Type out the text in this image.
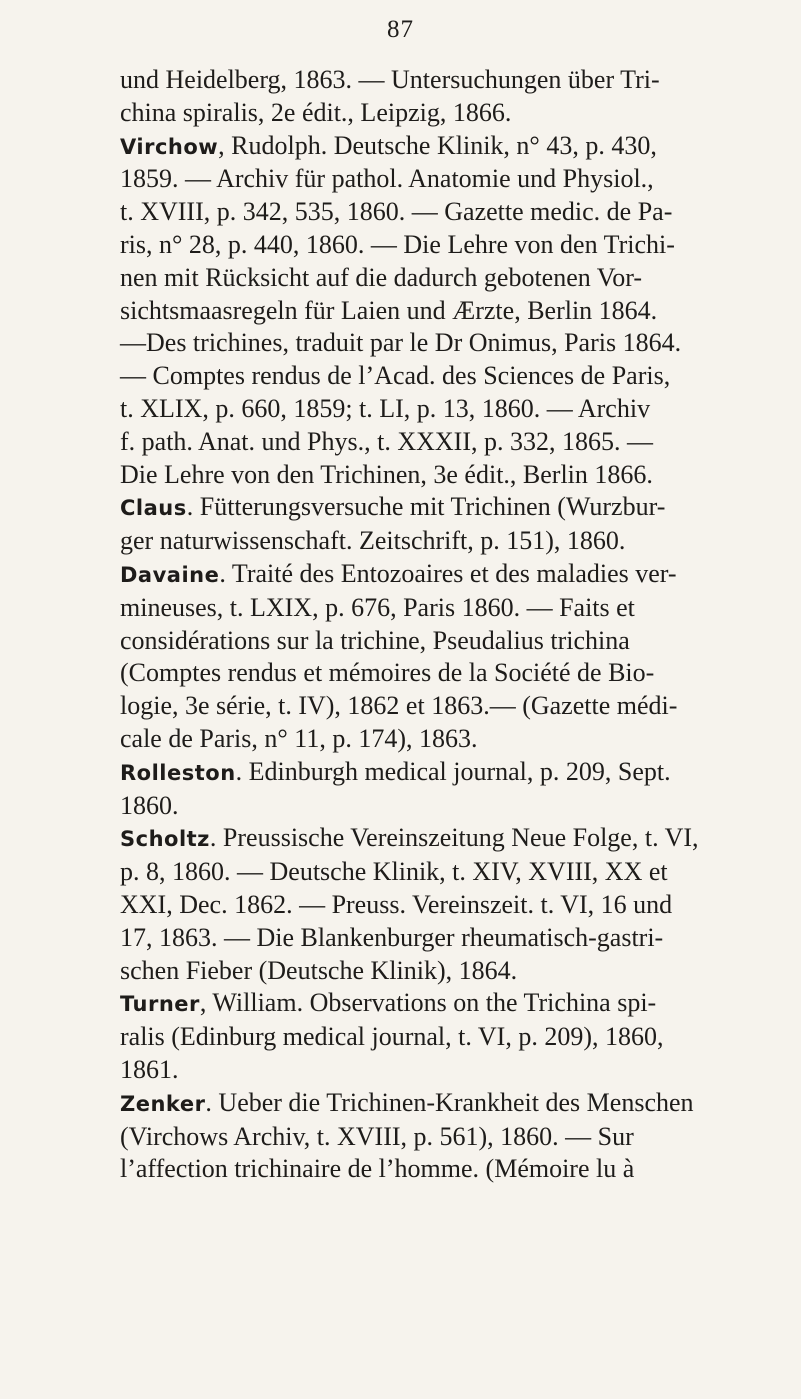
87

und Heidelberg, 1863. — Untersuchungen über Tri-
china spiralis, 2e édit., Leipzig, 1866.

Virchow, Rudolph. Deutsche Klinik, n° 43, p. 430,
1859. — Archiv für pathol. Anatomie und Physiol.,
t. XVIII, p. 342, 535, 1860. — Gazette medic. de Pa-
ris, n° 28, p. 440, 1860. — Die Lehre von den Trichi-
nen mit Rücksicht auf die dadurch gebotenen Vor-
sichtsmaasregeln für Laien und Ærzte, Berlin 1864.
—Des trichines, traduit par le Dr Onimus, Paris 1864.
— Comptes rendus de l’Acad. des Sciences de Paris,
t. XLIX, p. 660, 1859; t. LI, p. 13, 1860. — Archiv
f. path. Anat. und Phys., t. XXXII, p. 332, 1865. —
Die Lehre von den Trichinen, 3e édit., Berlin 1866.

Claus. Fütterungsversuche mit Trichinen (Wurzbur-
ger naturwissenschaft. Zeitschrift, p. 151), 1860.

Davaine. Traité des Entozoaires et des maladies ver-
mineuses, t. LXIX, p. 676, Paris 1860. — Faits et
considérations sur la trichine, Pseudalius trichina
(Comptes rendus et mémoires de la Société de Bio-
logie, 3e série, t. IV), 1862 et 1863.— (Gazette médi-
cale de Paris, n° 11, p. 174), 1863.

Rolleston. Edinburgh medical journal, p. 209, Sept.
1860.

Scholtz. Preussische Vereinszeitung Neue Folge, t. VI,
p. 8, 1860. — Deutsche Klinik, t. XIV, XVIII, XX et
XXI, Dec. 1862. — Preuss. Vereinszeit. t. VI, 16 und
17, 1863. — Die Blankenburger rheumatisch-gastri-
schen Fieber (Deutsche Klinik), 1864.

Turner, William. Observations on the Trichina spi-
ralis (Edinburg medical journal, t. VI, p. 209), 1860,
1861.

Zenker. Ueber die Trichinen-Krankheit des Menschen
(Virchows Archiv, t. XVIII, p. 561), 1860. — Sur
l’affection trichinaire de l’homme. (Mémoire lu à
